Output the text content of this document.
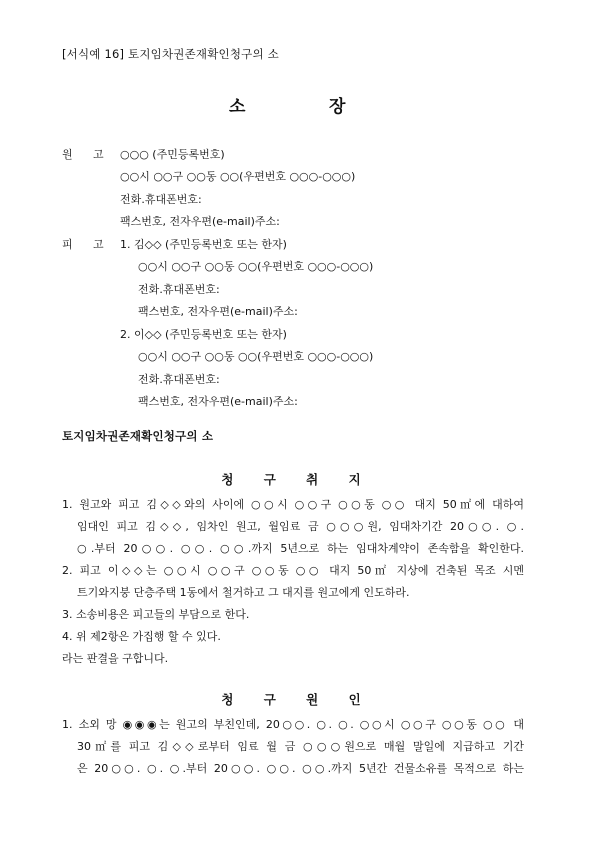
[서식예 16] 토지임차권존재확인청구의 소
소	장
원 고 ○○○ (주민등록번호)
○○시 ○○구 ○○동 ○○(우편번호 ○○○-○○○)
전화․휴대폰번호:
팩스번호, 전자우편(e-mail)주소:
피 고 1. 김◇◇ (주민등록번호 또는 한자)
○○시 ○○구 ○○동 ○○(우편번호 ○○○-○○○)
전화․휴대폰번호:
팩스번호, 전자우편(e-mail)주소:
2. 이◇◇ (주민등록번호 또는 한자)
○○시 ○○구 ○○동 ○○(우편번호 ○○○-○○○)
전화․휴대폰번호:
팩스번호, 전자우편(e-mail)주소:
토지임차권존재확인청구의 소
청 구 취 지
1. 원고와 피고 김◇◇와의 사이에 ○○시 ○○구 ○○동 ○○ 대지 50㎡에 대하여
임대인 피고 김◇◇, 임차인 원고, 월임료 금 ○○○원, 임대차기간 20○○. ○.
○.부터 20○○. ○○. ○○.까지 5년으로 하는 임대차계약이 존속함을 확인한다.
2. 피고 이◇◇는 ○○시 ○○구 ○○동 ○○ 대지 50㎡ 지상에 건축된 목조 시멘
트기와지붕 단층주택 1동에서 철거하고 그 대지를 원고에게 인도하라.
3. 소송비용은 피고들의 부담으로 한다.
4. 위 제2항은 가집행 할 수 있다.
라는 판결을 구합니다.
청 구 원 인
1. 소외 망 ◉◉◉는 원고의 부친인데, 20○○. ○. ○. ○○시 ○○구 ○○동 ○○ 대
30㎡를 피고 김◇◇로부터 임료 월 금 ○○○원으로 매월 말일에 지급하고 기간
은 20○○. ○. ○.부터 20○○. ○○. ○○.까지 5년간 건물소유를 목적으로 하는
